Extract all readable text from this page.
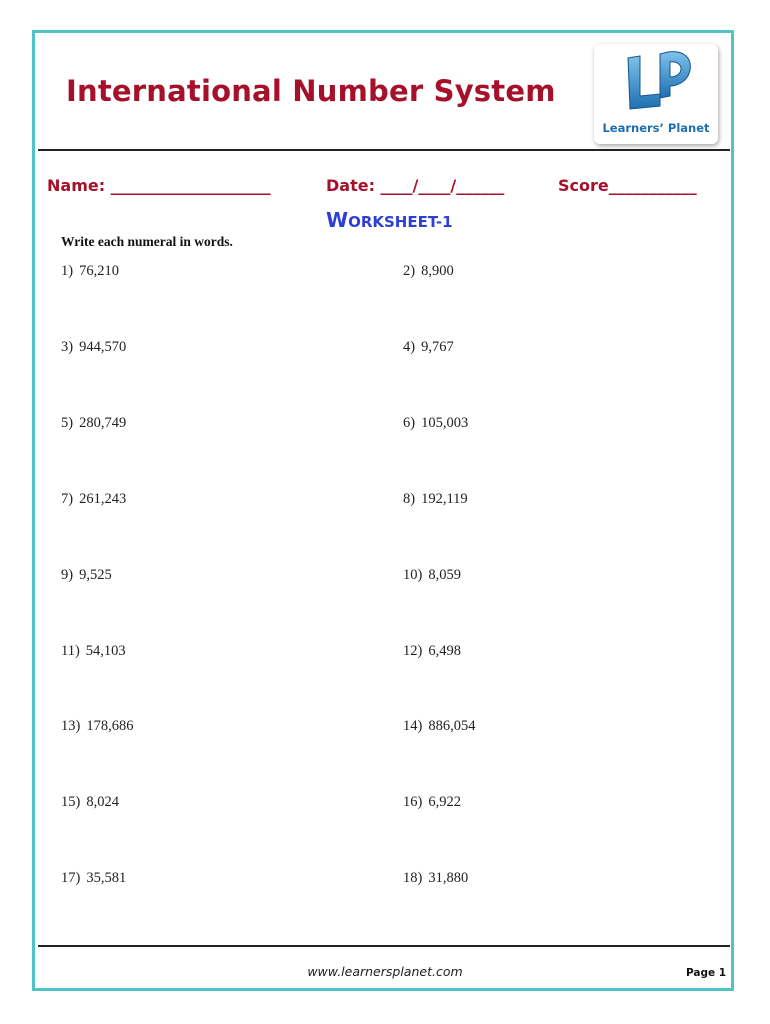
International Number System
Learners’ Planet

Name: ____________________	Date: ____/____/______	Score___________

WORKSHEET-1

Write each numeral in words.

1) 76,210	2) 8,900

3) 944,570	4) 9,767

5) 280,749	6) 105,003

7) 261,243	8) 192,119

9) 9,525	10) 8,059

11) 54,103	12) 6,498

13) 178,686	14) 886,054

15) 8,024	16) 6,922

17) 35,581	18) 31,880

www.learnersplanet.com	Page 1
